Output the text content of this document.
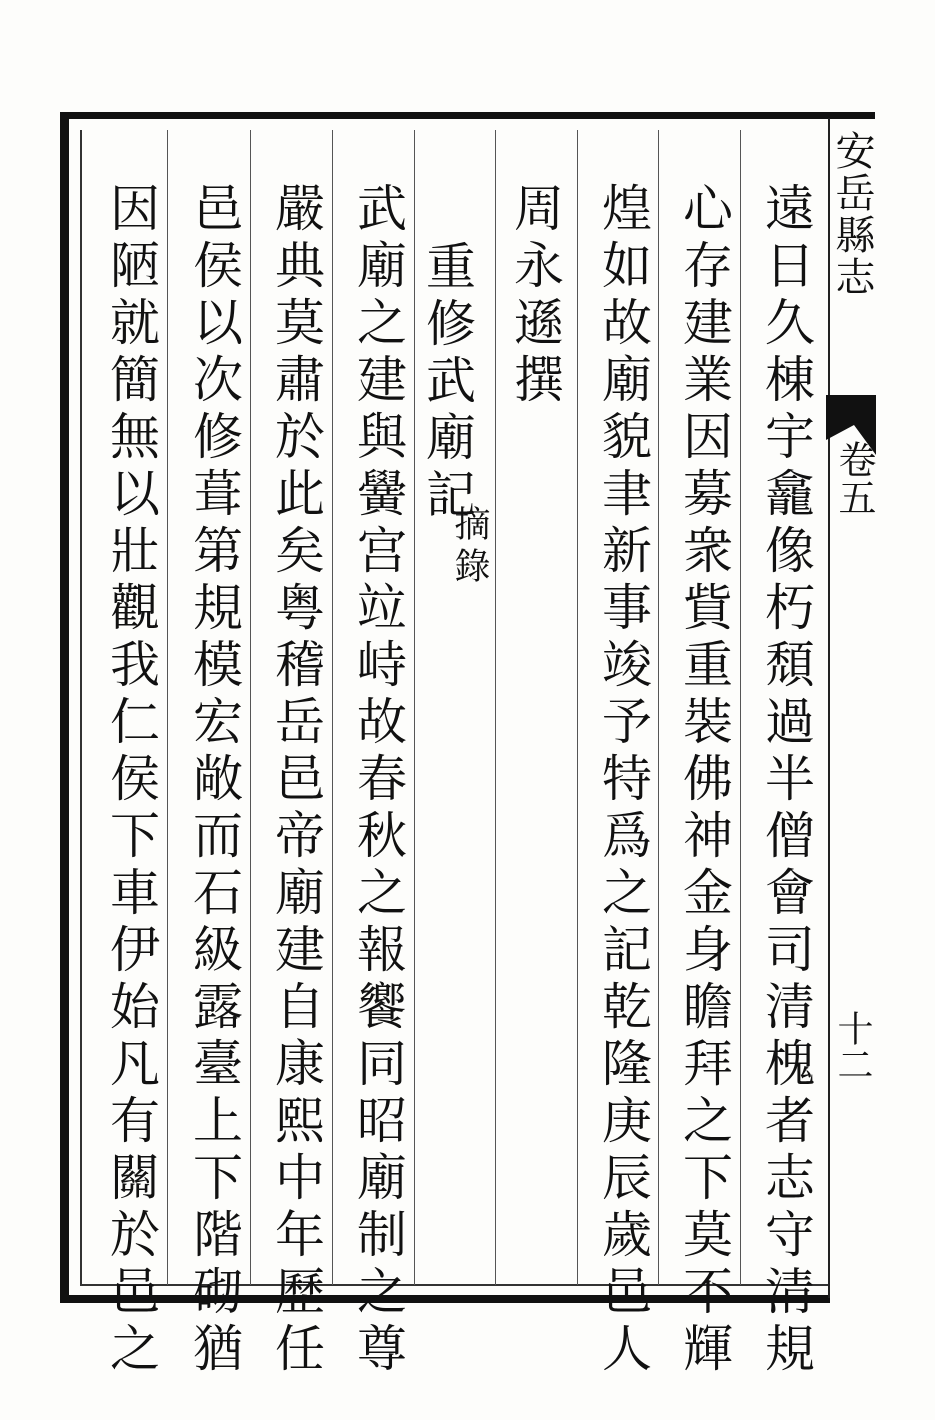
安岳縣志
卷五
十二
遠日久棟宇龕像朽頹過半僧會司清槐者志守清規
心存建業因募衆貲重裝佛神金身瞻拜之下莫不輝
煌如故廟貌聿新事竣予特爲之記乾隆庚辰歲邑人
周永遜撰
重修武廟記
摘錄
武廟之建與黌宫竝峙故春秋之報饗同昭廟制之尊
嚴典莫肅於此矣粤稽岳邑帝廟建自康熙中年歷任
邑侯以次修葺第規模宏敞而石級露臺上下階砌猶
因陋就簡無以壯觀我仁侯下車伊始凡有關於邑之
